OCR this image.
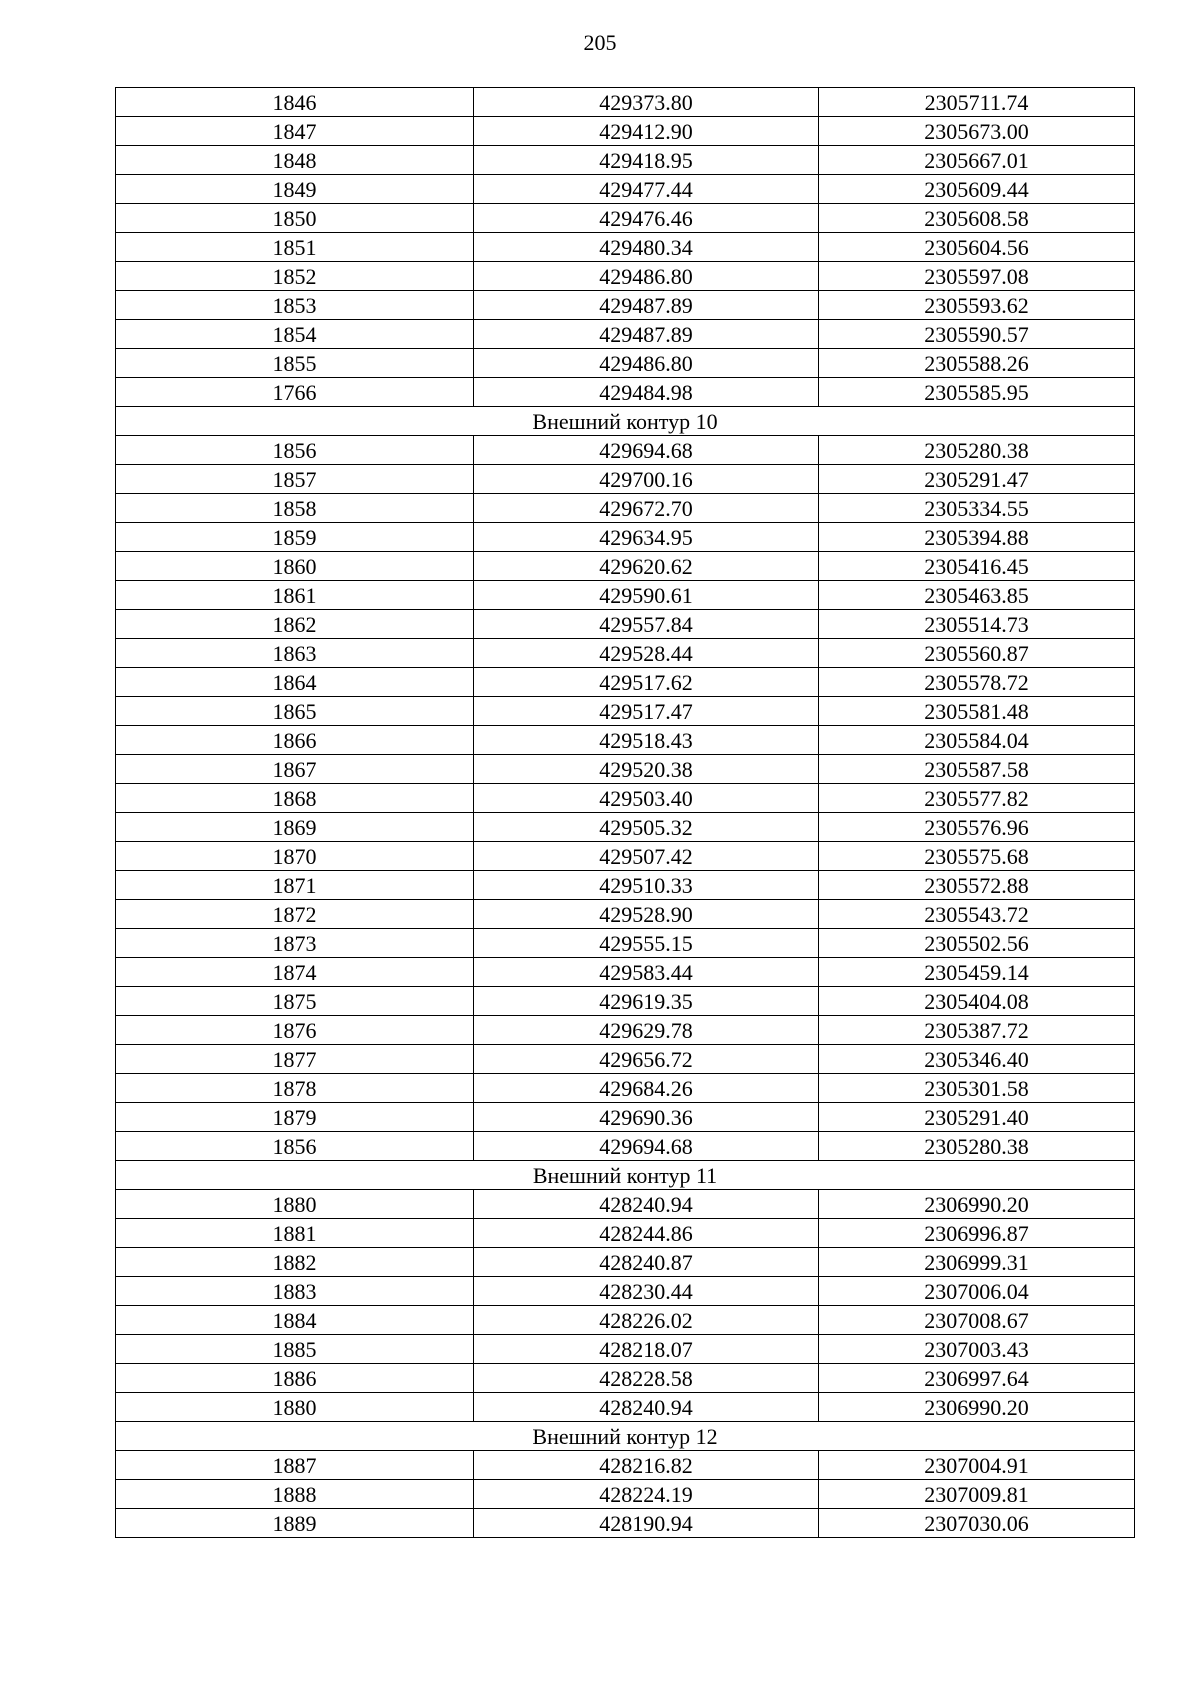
205
1846	429373.80	2305711.74
1847	429412.90	2305673.00
1848	429418.95	2305667.01
1849	429477.44	2305609.44
1850	429476.46	2305608.58
1851	429480.34	2305604.56
1852	429486.80	2305597.08
1853	429487.89	2305593.62
1854	429487.89	2305590.57
1855	429486.80	2305588.26
1766	429484.98	2305585.95
Внешний контур 10		
1856	429694.68	2305280.38
1857	429700.16	2305291.47
1858	429672.70	2305334.55
1859	429634.95	2305394.88
1860	429620.62	2305416.45
1861	429590.61	2305463.85
1862	429557.84	2305514.73
1863	429528.44	2305560.87
1864	429517.62	2305578.72
1865	429517.47	2305581.48
1866	429518.43	2305584.04
1867	429520.38	2305587.58
1868	429503.40	2305577.82
1869	429505.32	2305576.96
1870	429507.42	2305575.68
1871	429510.33	2305572.88
1872	429528.90	2305543.72
1873	429555.15	2305502.56
1874	429583.44	2305459.14
1875	429619.35	2305404.08
1876	429629.78	2305387.72
1877	429656.72	2305346.40
1878	429684.26	2305301.58
1879	429690.36	2305291.40
1856	429694.68	2305280.38
Внешний контур 11		
1880	428240.94	2306990.20
1881	428244.86	2306996.87
1882	428240.87	2306999.31
1883	428230.44	2307006.04
1884	428226.02	2307008.67
1885	428218.07	2307003.43
1886	428228.58	2306997.64
1880	428240.94	2306990.20
Внешний контур 12		
1887	428216.82	2307004.91
1888	428224.19	2307009.81
1889	428190.94	2307030.06
